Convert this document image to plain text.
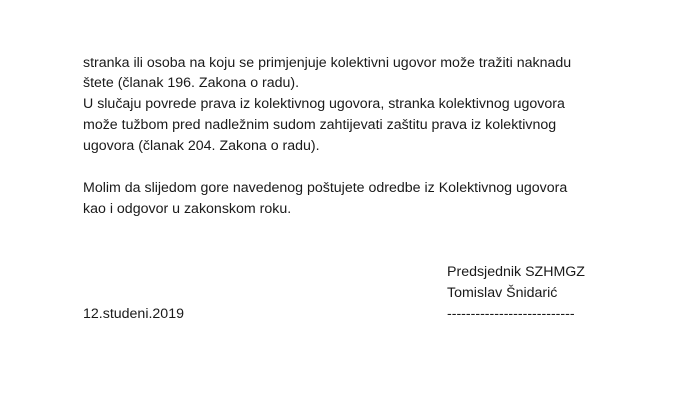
stranka ili osoba na koju se primjenjuje kolektivni ugovor može tražiti naknadu
štete (članak 196. Zakona o radu).
U slučaju povrede prava iz kolektivnog ugovora, stranka kolektivnog ugovora
može tužbom pred nadležnim sudom zahtijevati zaštitu prava iz kolektivnog
ugovora (članak 204. Zakona o radu).
Molim da slijedom gore navedenog poštujete odredbe iz Kolektivnog ugovora
kao i odgovor u zakonskom roku.
Predsjednik SZHMGZ
Tomislav Šnidarić
---------------------------
12.studeni.2019
